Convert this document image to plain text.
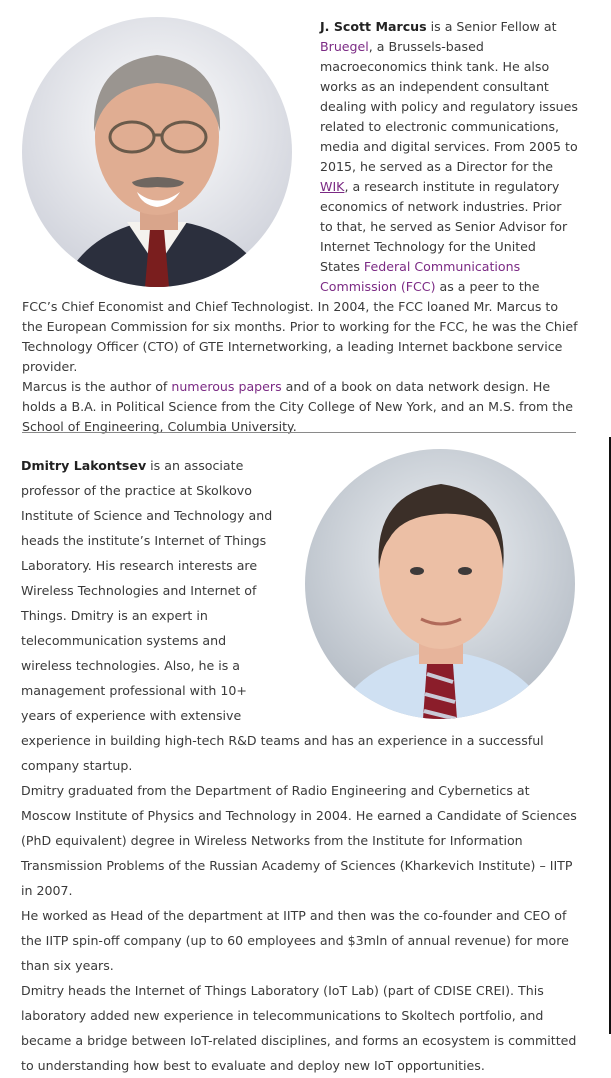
J. Scott Marcus is a Senior Fellow at Bruegel, a Brussels-based macroeconomics think tank. He also works as an independent consultant dealing with policy and regulatory issues related to electronic communications, media and digital services. From 2005 to 2015, he served as a Director for the WIK, a research institute in regulatory economics of network industries. Prior to that, he served as Senior Advisor for Internet Technology for the United States Federal Communications Commission (FCC) as a peer to the FCC’s Chief Economist and Chief Technologist. In 2004, the FCC loaned Mr. Marcus to the European Commission for six months. Prior to working for the FCC, he was the Chief Technology Officer (CTO) of GTE Internetworking, a leading Internet backbone service provider.

Marcus is the author of numerous papers and of a book on data network design. He holds a B.A. in Political Science from the City College of New York, and an M.S. from the School of Engineering, Columbia University.

Dmitry Lakontsev is an associate professor of the practice at Skolkovo Institute of Science and Technology and heads the institute’s Internet of Things Laboratory. His research interests are Wireless Technologies and Internet of Things. Dmitry is an expert in telecommunication systems and wireless technologies. Also, he is a management professional with 10+ years of experience with extensive experience in building high-tech R&D teams and has an experience in a successful company startup.

Dmitry graduated from the Department of Radio Engineering and Cybernetics at Moscow Institute of Physics and Technology in 2004. He earned a Candidate of Sciences (PhD equivalent) degree in Wireless Networks from the Institute for Information Transmission Problems of the Russian Academy of Sciences (Kharkevich Institute) – IITP in 2007.

He worked as Head of the department at IITP and then was the co-founder and CEO of the IITP spin-off company (up to 60 employees and $3mln of annual revenue) for more than six years.

Dmitry heads the Internet of Things Laboratory (IoT Lab) (part of CDISE CREI). This laboratory added new experience in telecommunications to Skoltech portfolio, and became a bridge between IoT-related disciplines, and forms an ecosystem is committed to understanding how best to evaluate and deploy new IoT opportunities.
